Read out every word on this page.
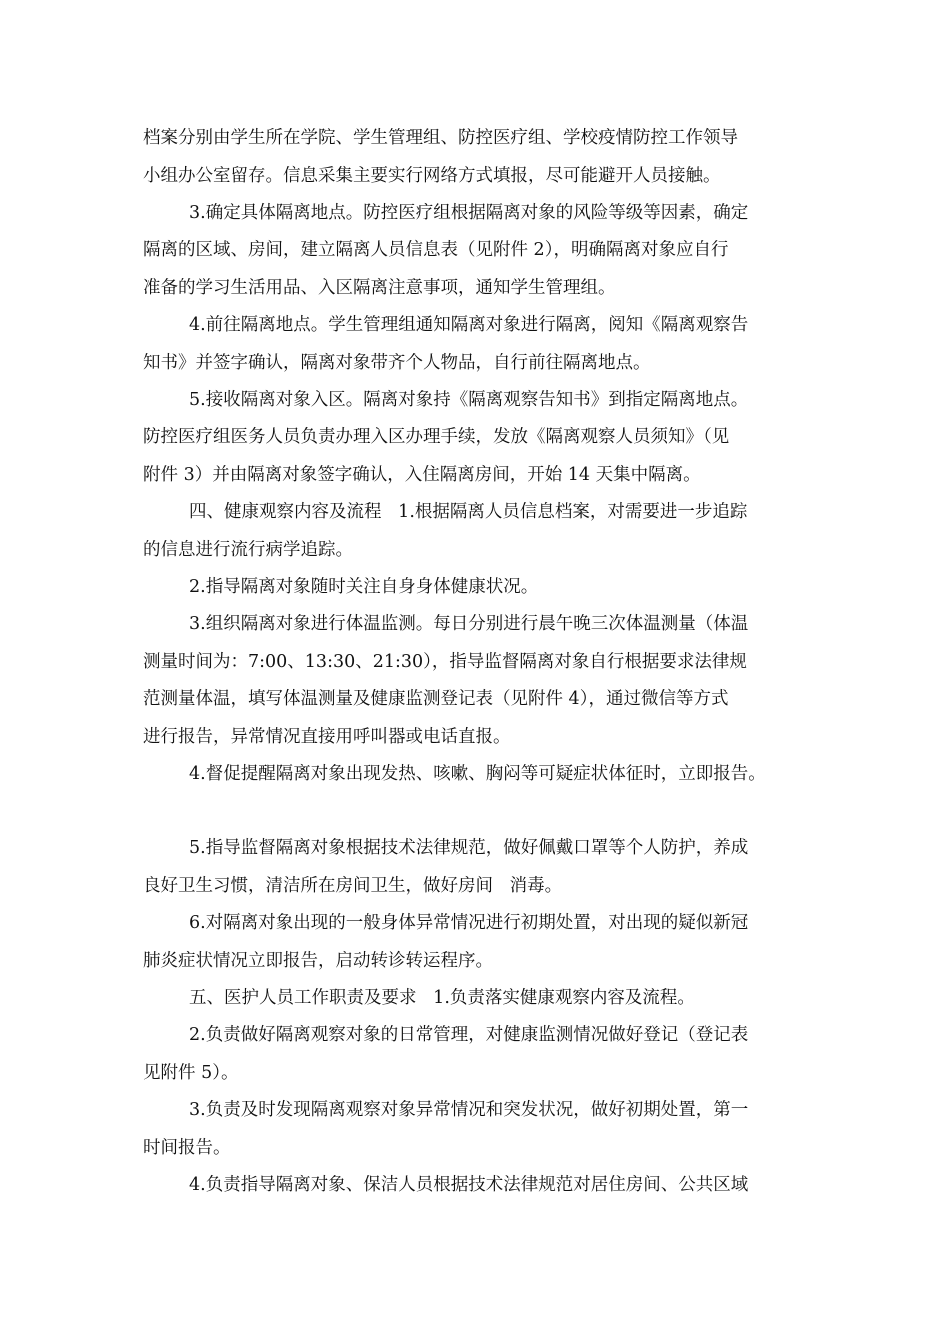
档案分别由学生所在学院、学生管理组、防控医疗组、学校疫情防控工作领导
小组办公室留存。信息采集主要实行网络方式填报，尽可能避开人员接触。
3.确定具体隔离地点。防控医疗组根据隔离对象的风险等级等因素，确定
隔离的区域、房间，建立隔离人员信息表（见附件 2），明确隔离对象应自行
准备的学习生活用品、入区隔离注意事项，通知学生管理组。
4.前往隔离地点。学生管理组通知隔离对象进行隔离，阅知《隔离观察告
知书》并签字确认，隔离对象带齐个人物品，自行前往隔离地点。
5.接收隔离对象入区。隔离对象持《隔离观察告知书》到指定隔离地点。
防控医疗组医务人员负责办理入区办理手续，发放《隔离观察人员须知》（见
附件 3）并由隔离对象签字确认，入住隔离房间，开始 14 天集中隔离。
四、健康观察内容及流程   1.根据隔离人员信息档案，对需要进一步追踪
的信息进行流行病学追踪。
2.指导隔离对象随时关注自身身体健康状况。
3.组织隔离对象进行体温监测。每日分别进行晨午晚三次体温测量（体温
测量时间为：7:00、13:30、21:30），指导监督隔离对象自行根据要求法律规
范测量体温，填写体温测量及健康监测登记表（见附件 4），通过微信等方式
进行报告，异常情况直接用呼叫器或电话直报。
4.督促提醒隔离对象出现发热、咳嗽、胸闷等可疑症状体征时，立即报告。
5.指导监督隔离对象根据技术法律规范，做好佩戴口罩等个人防护，养成
良好卫生习惯，清洁所在房间卫生，做好房间   消毒。
6.对隔离对象出现的一般身体异常情况进行初期处置，对出现的疑似新冠
肺炎症状情况立即报告，启动转诊转运程序。
五、医护人员工作职责及要求   1.负责落实健康观察内容及流程。
2.负责做好隔离观察对象的日常管理，对健康监测情况做好登记（登记表
见附件 5）。
3.负责及时发现隔离观察对象异常情况和突发状况，做好初期处置，第一
时间报告。
4.负责指导隔离对象、保洁人员根据技术法律规范对居住房间、公共区域
